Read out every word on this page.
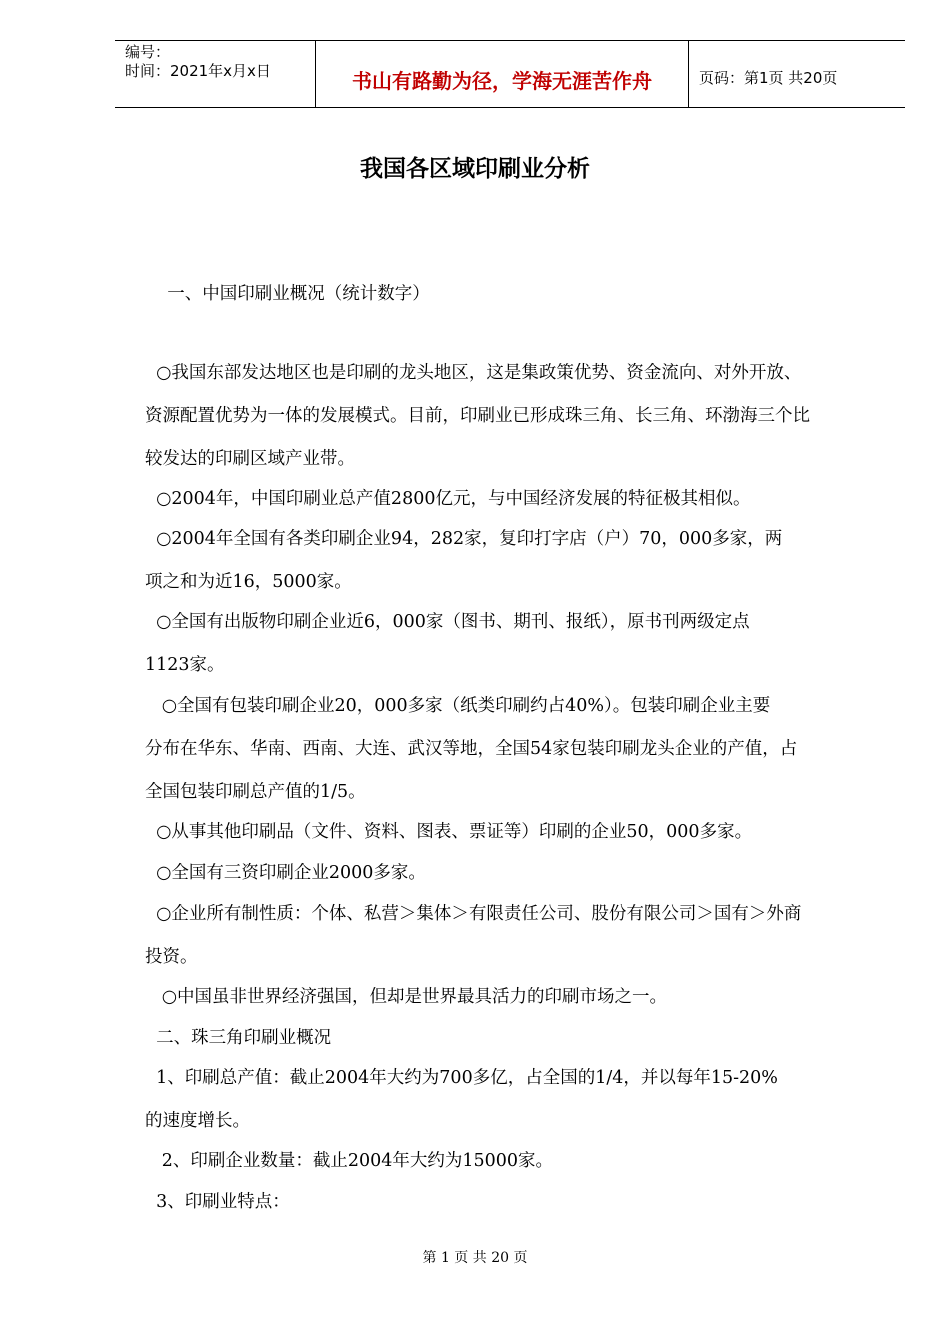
编号：
时间：2021年x月x日	书山有路勤为径，学海无涯苦作舟	页码：第1页 共20页
我国各区域印刷业分析
一、中国印刷业概况（统计数字）
○我国东部发达地区也是印刷的龙头地区，这是集政策优势、资金流向、对外开放、
资源配置优势为一体的发展模式。目前，印刷业已形成珠三角、长三角、环渤海三个比
较发达的印刷区域产业带。
○2004年，中国印刷业总产值2800亿元，与中国经济发展的特征极其相似。
○2004年全国有各类印刷企业94，282家，复印打字店（户）70，000多家，两
项之和为近16，5000家。
○全国有出版物印刷企业近6，000家（图书、期刊、报纸），原书刊两级定点
1123家。
○全国有包装印刷企业20，000多家（纸类印刷约占40%）。包装印刷企业主要
分布在华东、华南、西南、大连、武汉等地，全国54家包装印刷龙头企业的产值，占
全国包装印刷总产值的1/5。
○从事其他印刷品（文件、资料、图表、票证等）印刷的企业50，000多家。
○全国有三资印刷企业2000多家。
○企业所有制性质：个体、私营＞集体＞有限责任公司、股份有限公司＞国有＞外商
投资。
○中国虽非世界经济强国，但却是世界最具活力的印刷市场之一。
二、珠三角印刷业概况
1、印刷总产值：截止2004年大约为700多亿，占全国的1/4，并以每年15-20%
的速度增长。
2、印刷企业数量：截止2004年大约为15000家。
3、印刷业特点：
第 1 页 共 20 页
